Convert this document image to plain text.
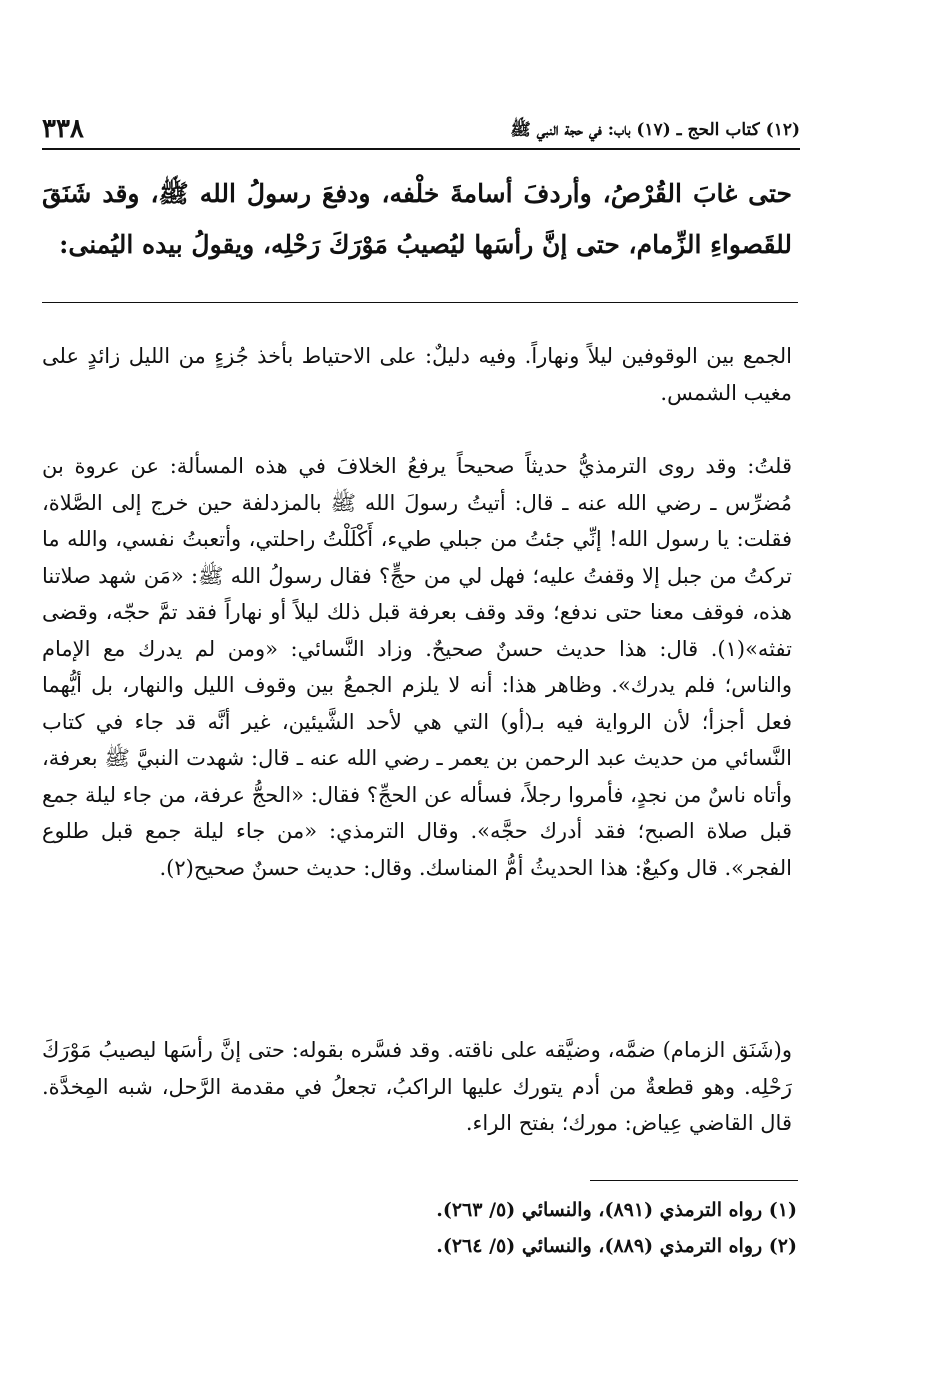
٣٣٨	(١٢) كتاب الحج ـ (١٧) باب: في حجة النبي ﷺ

حتى غابَ القُرْصُ، وأردفَ أسامةَ خلْفه، ودفعَ رسولُ الله ﷺ، وقد شَنَقَ للقَصواءِ الزِّمام، حتى إنَّ رأسَها ليُصيبُ مَوْرَكَ رَحْلِه، ويقولُ بيده اليُمنى:

الجمع بين الوقوفين ليلاً ونهاراً. وفيه دليلٌ: على الاحتياط بأخذ جُزءٍ من الليل زائدٍ على مغيب الشمس.

قلتُ: وقد روى الترمذيُّ حديثاً صحيحاً يرفعُ الخلافَ في هذه المسألة: عن عروة بن مُضرِّس ـ رضي الله عنه ـ قال: أتيتُ رسولَ الله ﷺ بالمزدلفة حين خرج إلى الصَّلاة، فقلت: يا رسول الله! إنِّي جئتُ من جبلي طيء، أَكْلَلْتُ راحلتي، وأتعبتُ نفسي، والله ما تركتُ من جبل إلا وقفتُ عليه؛ فهل لي من حجٍّ؟ فقال رسولُ الله ﷺ: «مَن شهد صلاتنا هذه، فوقف معنا حتى ندفع؛ وقد وقف بعرفة قبل ذلك ليلاً أو نهاراً فقد تمَّ حجّه، وقضى تفثه»(١). قال: هذا حديث حسنٌ صحيحٌ. وزاد النَّسائي: «ومن لم يدرك مع الإمام والناس؛ فلم يدرك». وظاهر هذا: أنه لا يلزم الجمعُ بين وقوف الليل والنهار، بل أيُّهما فعل أجزأ؛ لأن الرواية فيه بـ(أو) التي هي لأحد الشَّيئين، غير أنَّه قد جاء في كتاب النَّسائي من حديث عبد الرحمن بن يعمر ـ رضي الله عنه ـ قال: شهدت النبيَّ ﷺ بعرفة، وأتاه ناسٌ من نجدٍ، فأمروا رجلاً، فسأله عن الحجِّ؟ فقال: «الحجُّ عرفة، من جاء ليلة جمع قبل صلاة الصبح؛ فقد أدرك حجَّه». وقال الترمذي: «من جاء ليلة جمع قبل طلوع الفجر». قال وكيعٌ: هذا الحديثُ أمُّ المناسك. وقال: حديث حسنٌ صحيح(٢).

و(شَنَق الزمام) ضمَّه، وضيَّقه على ناقته. وقد فسَّره بقوله: حتى إنَّ رأسَها ليصيبُ مَوْرَكَ رَحْلِه. وهو قطعةٌ من أدم يتورك عليها الراكبُ، تجعلُ في مقدمة الرَّحل، شبه المِخدَّة. قال القاضي عِياض: مورك؛ بفتح الراء.

(١) رواه الترمذي (٨٩١)، والنسائي (٥/ ٢٦٣).
(٢) رواه الترمذي (٨٨٩)، والنسائي (٥/ ٢٦٤).
